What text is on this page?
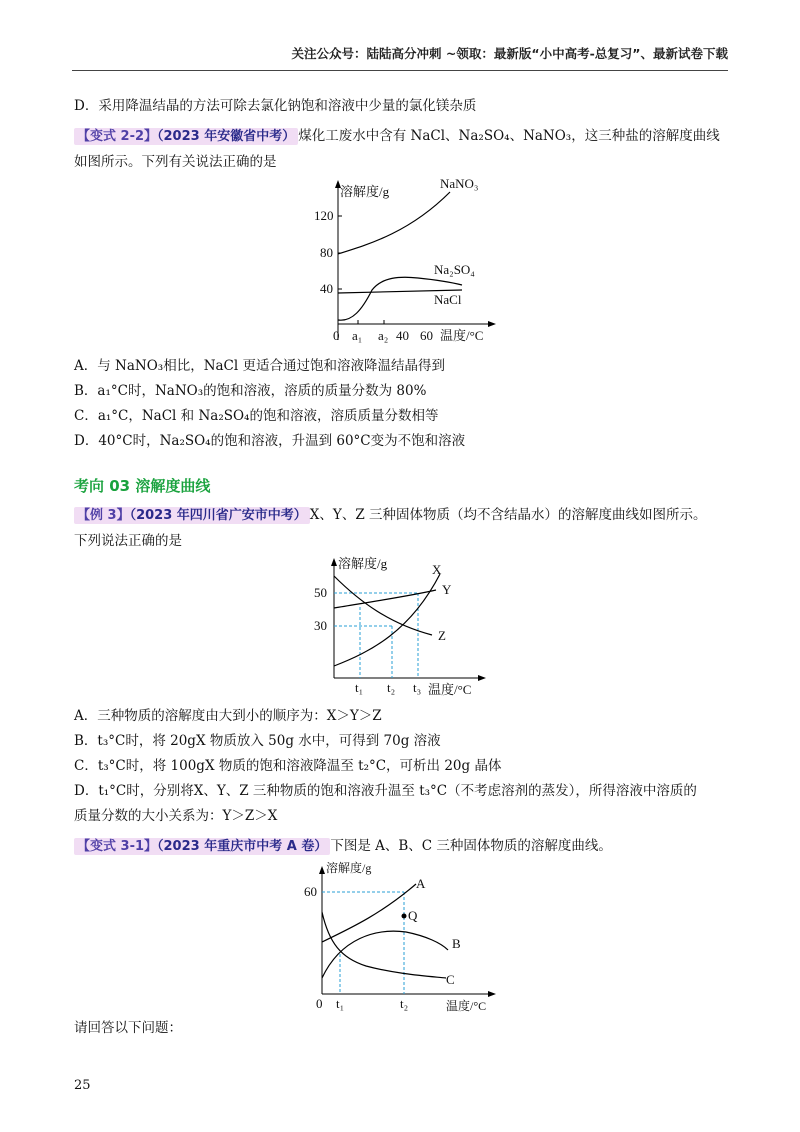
关注公众号：陆陆高分冲刺 ~领取：最新版“小中高考-总复习”、最新试卷下载
D．采用降温结晶的方法可除去氯化钠饱和溶液中少量的氯化镁杂质
【变式 2-2】（2023 年安徽省中考） 煤化工废水中含有 NaCl、Na₂SO₄、NaNO₃，这三种盐的溶解度曲线
如图所示。下列有关说法正确的是
溶解度/g
120
80
40
NaNO₃
Na₂SO₄
NaCl
0 a₁ a₂ 40 60 温度/°C
A．与 NaNO₃相比，NaCl 更适合通过饱和溶液降温结晶得到
B．a₁°C时，NaNO₃的饱和溶液，溶质的质量分数为 80%
C．a₁°C，NaCl 和 Na₂SO₄的饱和溶液，溶质质量分数相等
D．40°C时，Na₂SO₄的饱和溶液，升温到 60°C变为不饱和溶液
考向 03 溶解度曲线
【例 3】（2023 年四川省广安市中考） X、Y、Z 三种固体物质（均不含结晶水）的溶解度曲线如图所示。
下列说法正确的是
溶解度/g
50
30
X
Y
Z
t₁ t₂ t₃ 温度/°C
A．三种物质的溶解度由大到小的顺序为：X＞Y＞Z
B．t₃°C时，将 20gX 物质放入 50g 水中，可得到 70g 溶液
C．t₃°C时，将 100gX 物质的饱和溶液降温至 t₂°C，可析出 20g 晶体
D．t₁°C时，分别将X、Y、Z 三种物质的饱和溶液升温至 t₃°C（不考虑溶剂的蒸发），所得溶液中溶质的
质量分数的大小关系为：Y＞Z＞X
【变式 3-1】（2023 年重庆市中考 A 卷） 下图是 A、B、C 三种固体物质的溶解度曲线。
溶解度/g
60
A
B
C
Q
0 t₁	t₂	温度/°C
请回答以下问题：
25
